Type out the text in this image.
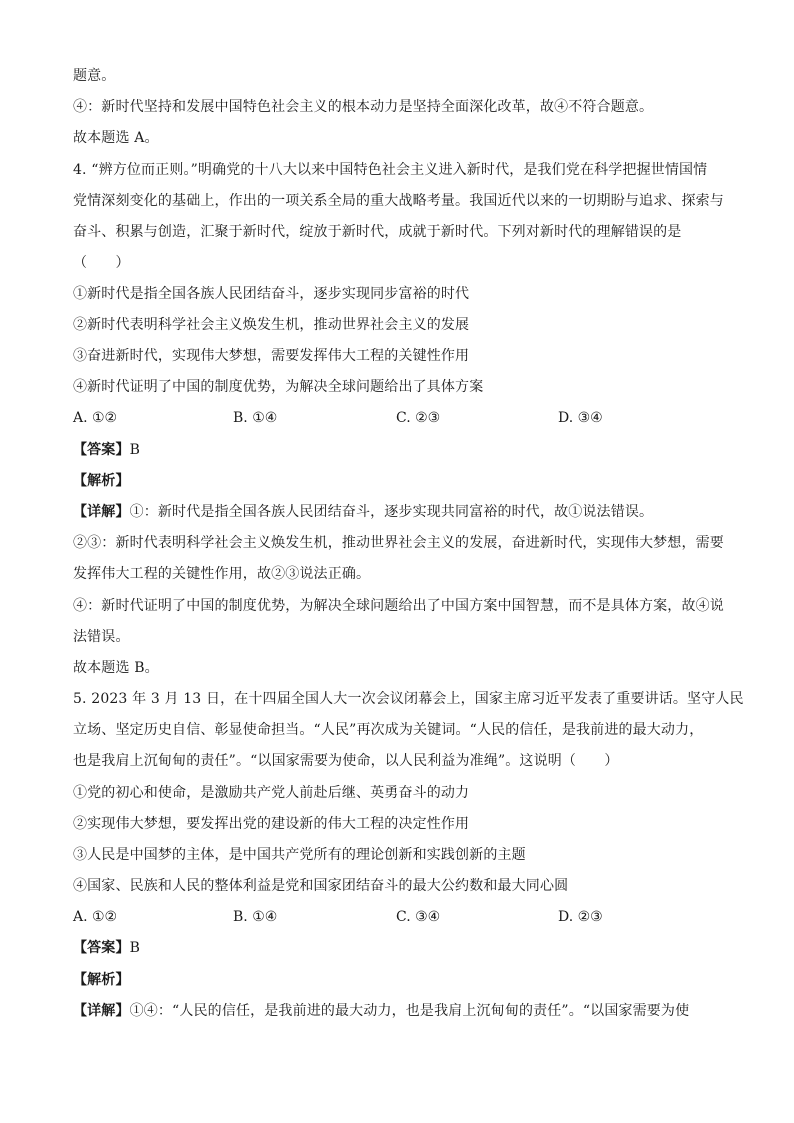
题意。
④：新时代坚持和发展中国特色社会主义的根本动力是坚持全面深化改革，故④不符合题意。
故本题选 A。
4. “辨方位而正则。”明确党的十八大以来中国特色社会主义进入新时代，是我们党在科学把握世情国情
党情深刻变化的基础上，作出的一项关系全局的重大战略考量。我国近代以来的一切期盼与追求、探索与
奋斗、积累与创造，汇聚于新时代，绽放于新时代，成就于新时代。下列对新时代的理解错误的是
（　　）
①新时代是指全国各族人民团结奋斗，逐步实现同步富裕的时代
②新时代表明科学社会主义焕发生机，推动世界社会主义的发展
③奋进新时代，实现伟大梦想，需要发挥伟大工程的关键性作用
④新时代证明了中国的制度优势，为解决全球问题给出了具体方案
A. ①②	B. ①④	C. ②③	D. ③④
【答案】B
【解析】
【详解】①：新时代是指全国各族人民团结奋斗，逐步实现共同富裕的时代，故①说法错误。
②③：新时代表明科学社会主义焕发生机，推动世界社会主义的发展，奋进新时代，实现伟大梦想，需要
发挥伟大工程的关键性作用，故②③说法正确。
④：新时代证明了中国的制度优势，为解决全球问题给出了中国方案中国智慧，而不是具体方案，故④说
法错误。
故本题选 B。
5. 2023 年 3 月 13 日，在十四届全国人大一次会议闭幕会上，国家主席习近平发表了重要讲话。坚守人民
立场、坚定历史自信、彰显使命担当。“人民”再次成为关键词。“人民的信任，是我前进的最大动力，
也是我肩上沉甸甸的责任”。“以国家需要为使命，以人民利益为准绳”。这说明（　　）
①党的初心和使命，是激励共产党人前赴后继、英勇奋斗的动力
②实现伟大梦想，要发挥出党的建设新的伟大工程的决定性作用
③人民是中国梦的主体，是中国共产党所有的理论创新和实践创新的主题
④国家、民族和人民的整体利益是党和国家团结奋斗的最大公约数和最大同心圆
A. ①②	B. ①④	C. ③④	D. ②③
【答案】B
【解析】
【详解】①④：“人民的信任，是我前进的最大动力，也是我肩上沉甸甸的责任”。“以国家需要为使
